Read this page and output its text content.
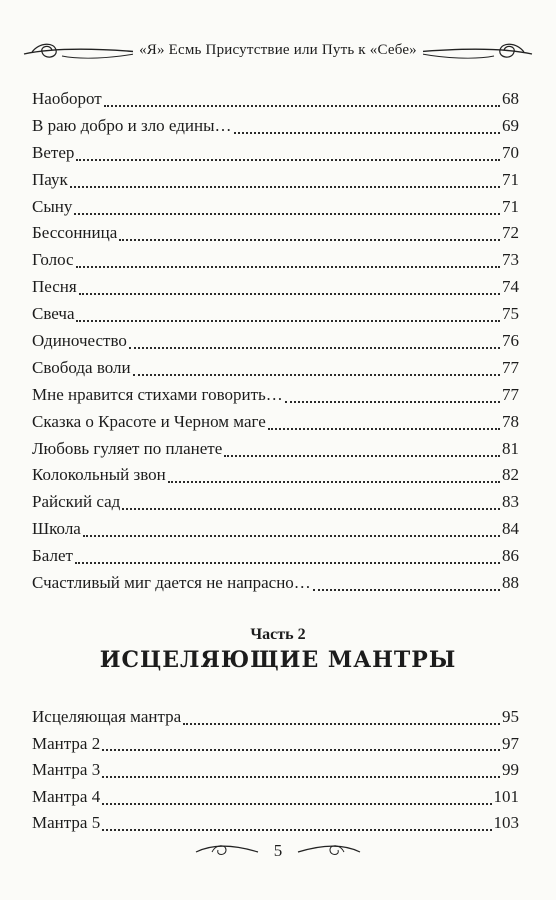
«Я» Есмь Присутствие или Путь к «Себе»
Наоборот	68
В раю добро и зло едины…	69
Ветер	70
Паук	71
Сыну	71
Бессонница	72
Голос	73
Песня	74
Свеча	75
Одиночество	76
Свобода воли	77
Мне нравится стихами говорить…	77
Сказка о Красоте и Черном маге	78
Любовь гуляет по планете	81
Колокольный звон	82
Райский сад	83
Школа	84
Балет	86
Счастливый миг дается не напрасно…	88
Часть 2
ИСЦЕЛЯЮЩИЕ МАНТРЫ
Исцеляющая мантра	95
Мантра 2	97
Мантра 3	99
Мантра 4	101
Мантра 5	103
5
